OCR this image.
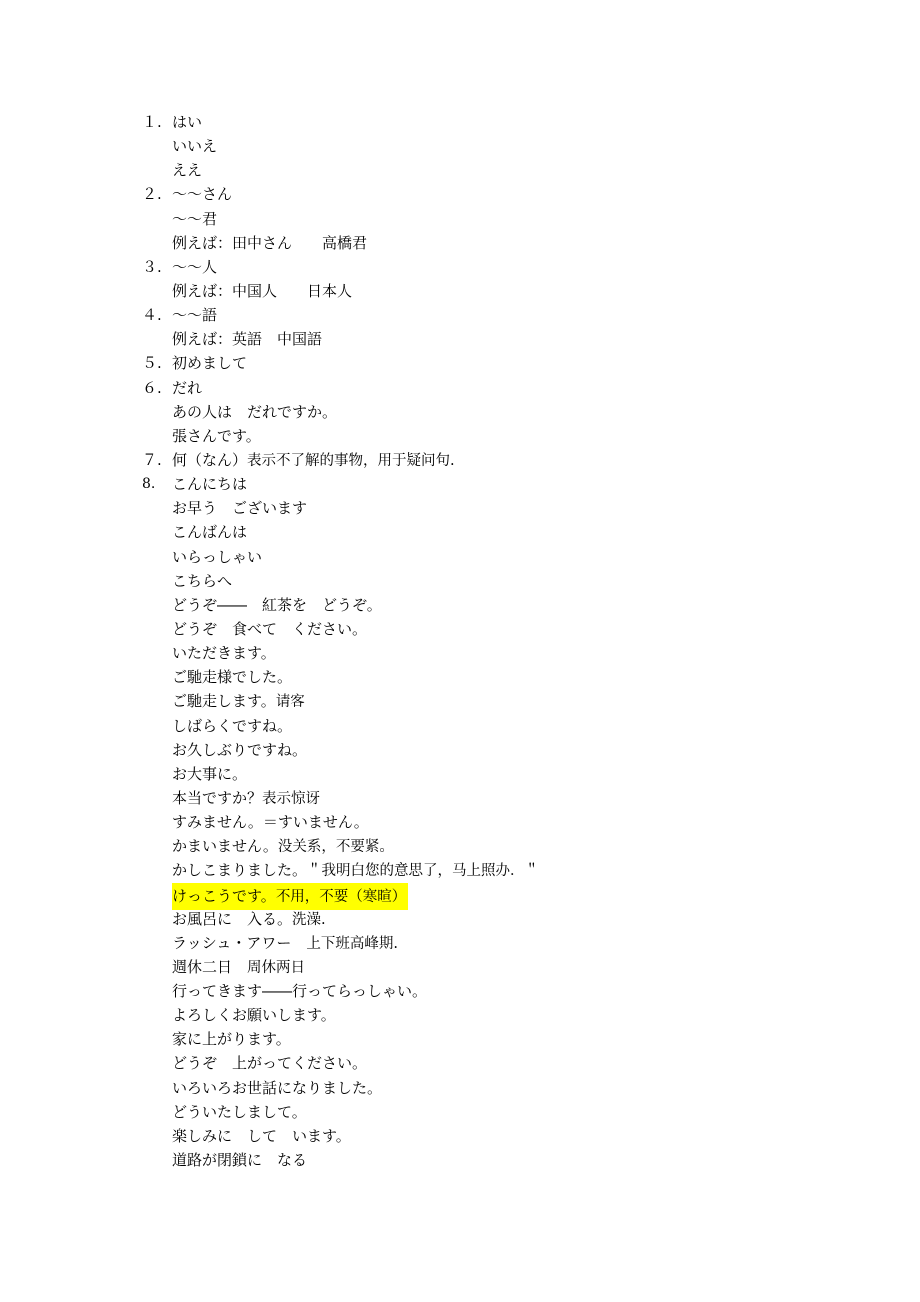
１. はい
いいえ
ええ
２. ～～さん
～～君
例えば：田中さん　　高橋君
３. ～～人
例えば：中国人　　日本人
４. ～～語
例えば：英語　中国語
５. 初めまして
６. だれ
あの人は　だれですか。
張さんです。
７. 何（なん）表示不了解的事物，用于疑问句.
8. こんにちは
お早う　ございます
こんばんは
いらっしゃい
こちらへ
どうぞ――　紅茶を　どうぞ。
どうぞ　食べて　ください。
いただきます。
ご馳走様でした。
ご馳走します。请客
しばらくですね。
お久しぶりですね。
お大事に。
本当ですか？表示惊讶
すみません。＝すいません。
かまいません。没关系，不要紧。
かしこまりました。＂我明白您的意思了，马上照办．＂
けっこうです。不用，不要（寒暄）
お風呂に　入る。洗澡.
ラッシュ・アワー　上下班高峰期.
週休二日　周休两日
行ってきます――行ってらっしゃい。
よろしくお願いします。
家に上がります。
どうぞ　上がってください。
いろいろお世話になりました。
どういたしまして。
楽しみに　して　います。
道路が閉鎖に　なる
